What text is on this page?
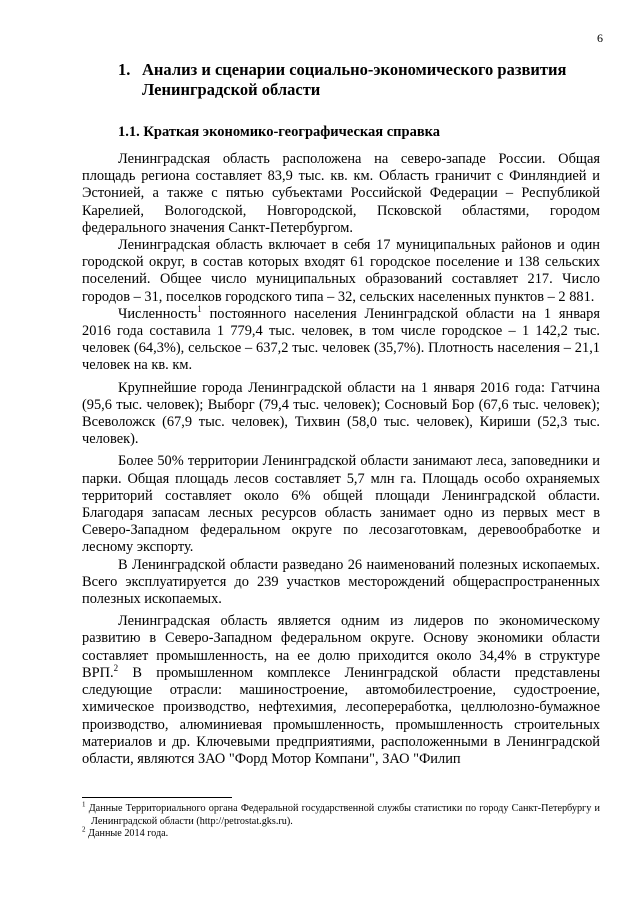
6
1. Анализ и сценарии социально-экономического развития
Ленинградской области
1.1. Краткая экономико-географическая справка

Ленинградская область расположена на северо-западе России. Общая площадь региона составляет 83,9 тыс. кв. км. Область граничит с Финляндией и Эстонией, а также с пятью субъектами Российской Федерации – Республикой Карелией, Вологодской, Новгородской, Псковской областями, городом федерального значения Санкт-Петербургом.

Ленинградская область включает в себя 17 муниципальных районов и один городской округ, в состав которых входят 61 городское поселение и 138 сельских поселений. Общее число муниципальных образований составляет 217. Число городов – 31, поселков городского типа – 32, сельских населенных пунктов – 2 881.

Численность$^1$ постоянного населения Ленинградской области на 1 января 2016 года составила 1 779,4 тыс. человек, в том числе городское – 1 142,2 тыс. человек (64,3%), сельское – 637,2 тыс. человек (35,7%). Плотность населения – 21,1 человек на кв. км.

Крупнейшие города Ленинградской области на 1 января 2016 года: Гатчина (95,6 тыс. человек); Выборг (79,4 тыс. человек); Сосновый Бор (67,6 тыс. человек); Всеволожск (67,9 тыс. человек), Тихвин (58,0 тыс. человек), Кириши (52,3 тыс. человек).

Более 50% территории Ленинградской области занимают леса, заповедники и парки. Общая площадь лесов составляет 5,7 млн га. Площадь особо охраняемых территорий составляет около 6% общей площади Ленинградской области. Благодаря запасам лесных ресурсов область занимает одно из первых мест в Северо-Западном федеральном округе по лесозаготовкам, деревообработке и лесному экспорту.

В Ленинградской области разведано 26 наименований полезных ископаемых. Всего эксплуатируется до 239 участков месторождений общераспространенных полезных ископаемых.

Ленинградская область является одним из лидеров по экономическому развитию в Северо-Западном федеральном округе. Основу экономики области составляет промышленность, на ее долю приходится около 34,4% в структуре ВРП.$^2$ В промышленном комплексе Ленинградской области представлены следующие отрасли: машиностроение, автомобилестроение, судостроение, химическое производство, нефтехимия, лесопереработка, целлюлозно-бумажное производство, алюминиевая промышленность, промышленность строительных материалов и др. Ключевыми предприятиями, расположенными в Ленинградской области, являются ЗАО "Форд Мотор Компани", ЗАО "Филип

$^1$ Данные Территориального органа Федеральной государственной службы статистики по городу Санкт-Петербургу и Ленинградской области (http://petrostat.gks.ru).

$^2$ Данные 2014 года.
